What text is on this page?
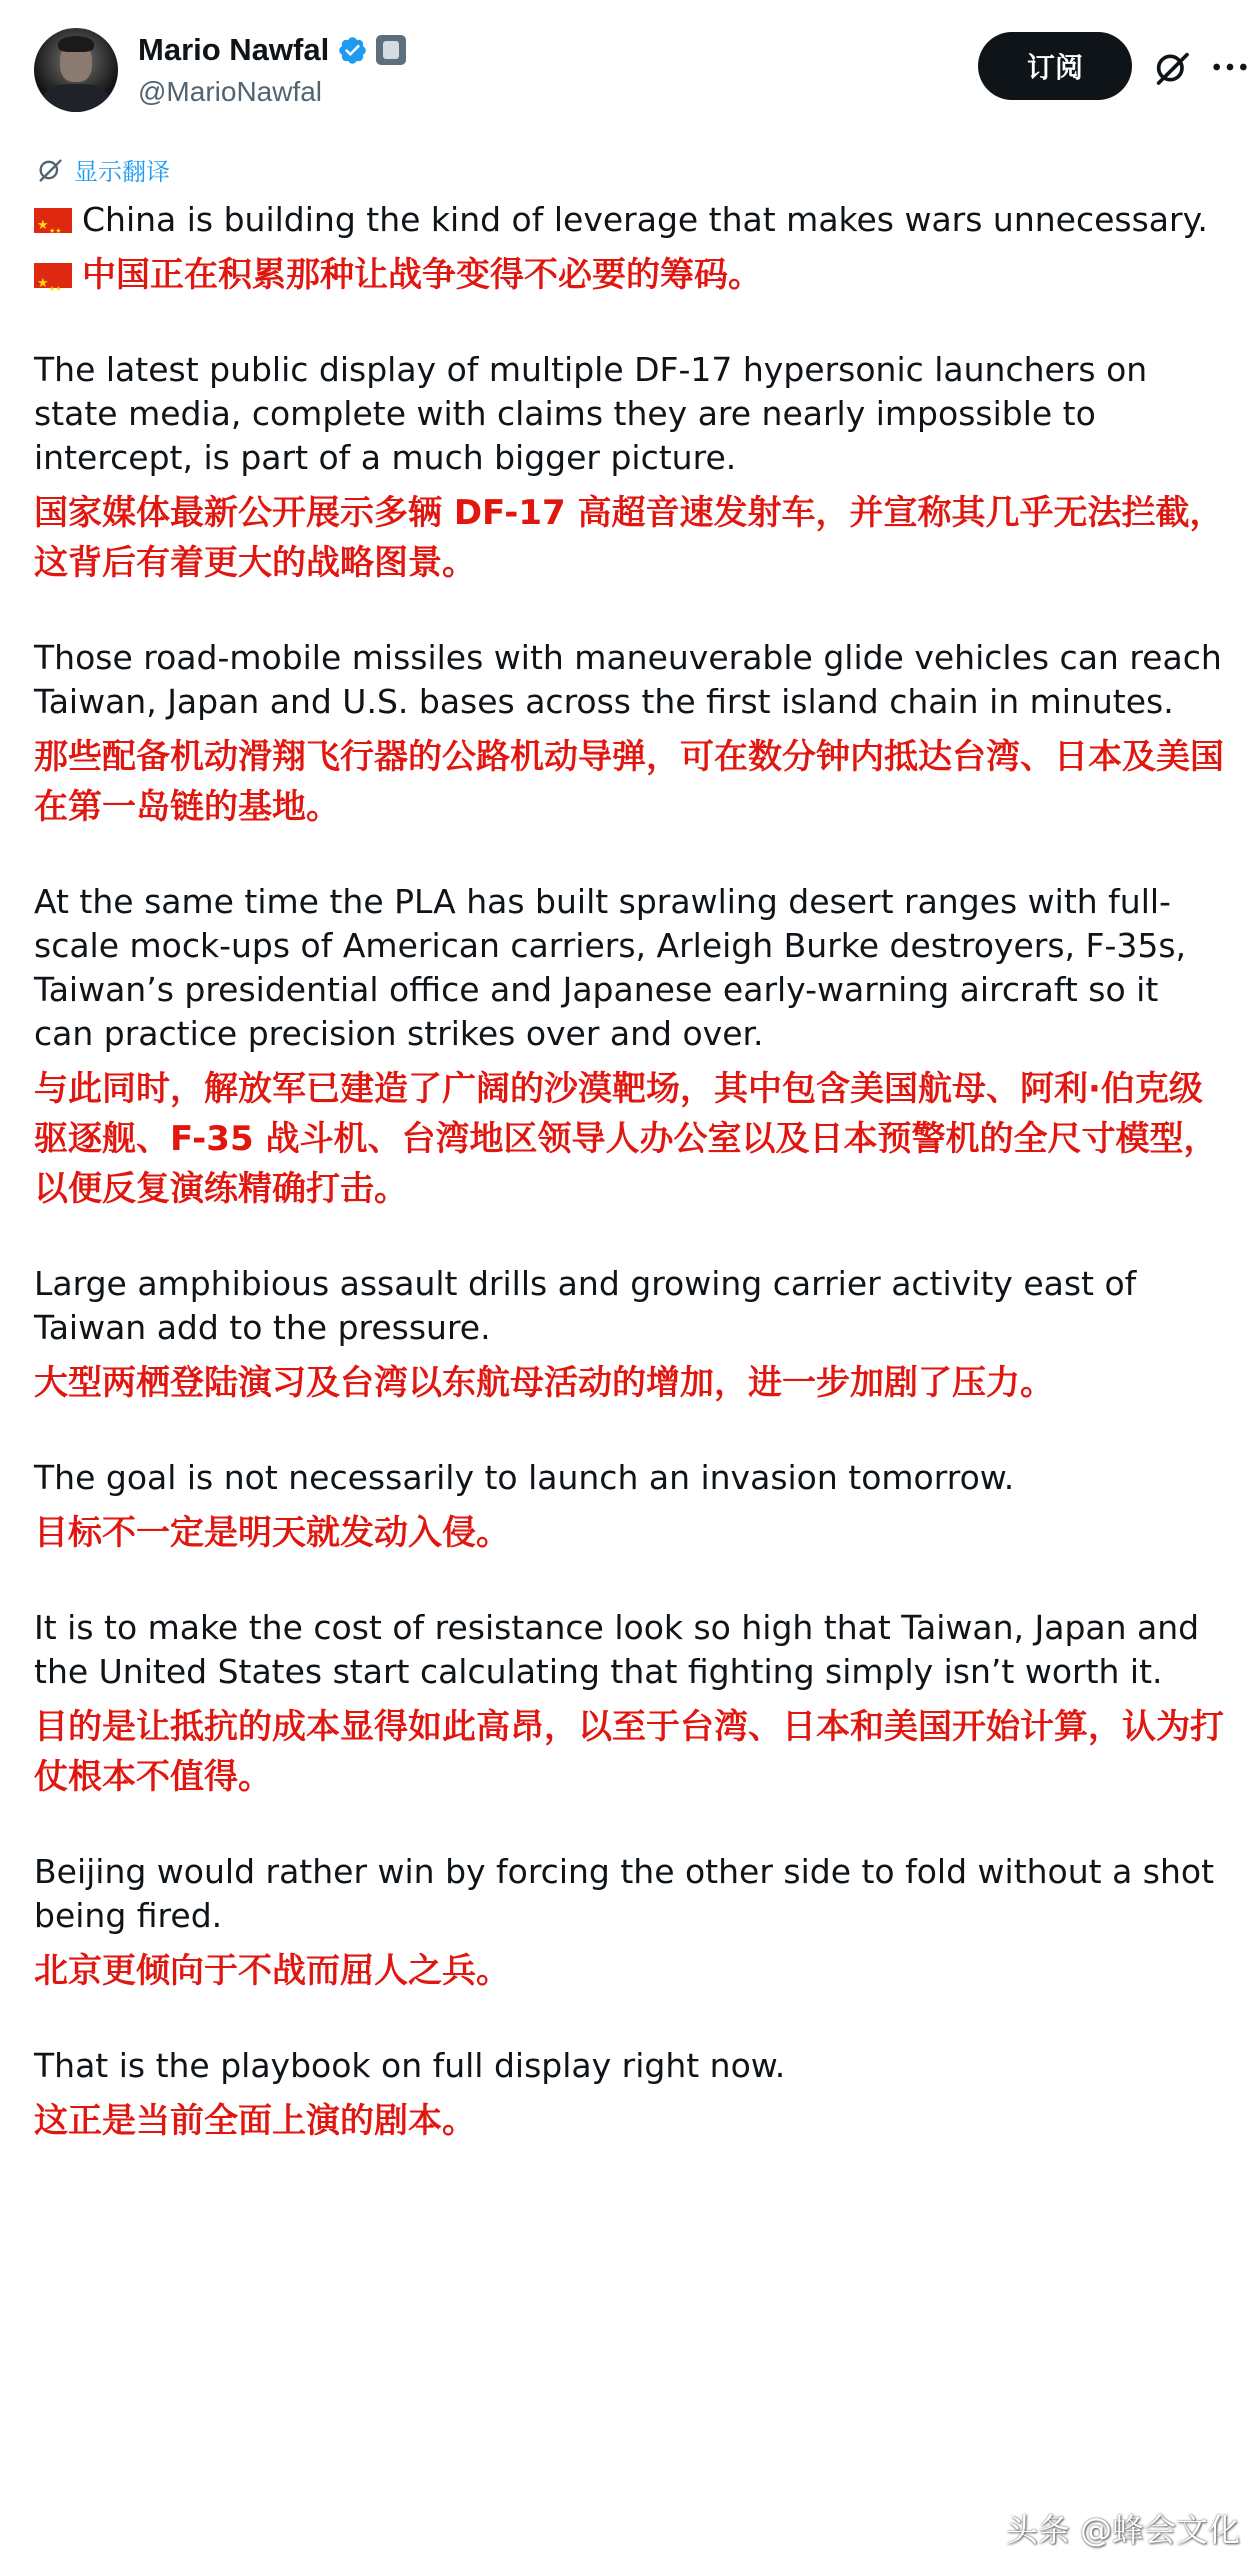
Mario Nawfal
@MarioNawfal
订阅
显示翻译

★ ★★China is building the kind of leverage that makes wars unnecessary.

★ ★★中国正在积累那种让战争变得不必要的筹码。

The latest public display of multiple DF-17 hypersonic launchers on state media, complete with claims they are nearly impossible to intercept, is part of a much bigger picture.

国家媒体最新公开展示多辆 DF-17 高超音速发射车，并宣称其几乎无法拦截，这背后有着更大的战略图景。

Those road-mobile missiles with maneuverable glide vehicles can reach Taiwan, Japan and U.S. bases across the first island chain in minutes.

那些配备机动滑翔飞行器的公路机动导弹，可在数分钟内抵达台湾、日本及美国在第一岛链的基地。

At the same time the PLA has built sprawling desert ranges with full-scale mock-ups of American carriers, Arleigh Burke destroyers, F-35s, Taiwan’s presidential office and Japanese early-warning aircraft so it can practice precision strikes over and over.

与此同时，解放军已建造了广阔的沙漠靶场，其中包含美国航母、阿利·伯克级驱逐舰、F-35 战斗机、台湾地区领导人办公室以及日本预警机的全尺寸模型，以便反复演练精确打击。

Large amphibious assault drills and growing carrier activity east of Taiwan add to the pressure.

大型两栖登陆演习及台湾以东航母活动的增加，进一步加剧了压力。

The goal is not necessarily to launch an invasion tomorrow.

目标不一定是明天就发动入侵。

It is to make the cost of resistance look so high that Taiwan, Japan and the United States start calculating that fighting simply isn’t worth it.

目的是让抵抗的成本显得如此高昂，以至于台湾、日本和美国开始计算，认为打仗根本不值得。

Beijing would rather win by forcing the other side to fold without a shot being fired.

北京更倾向于不战而屈人之兵。

That is the playbook on full display right now.

这正是当前全面上演的剧本。

头条 @蜂会文化
